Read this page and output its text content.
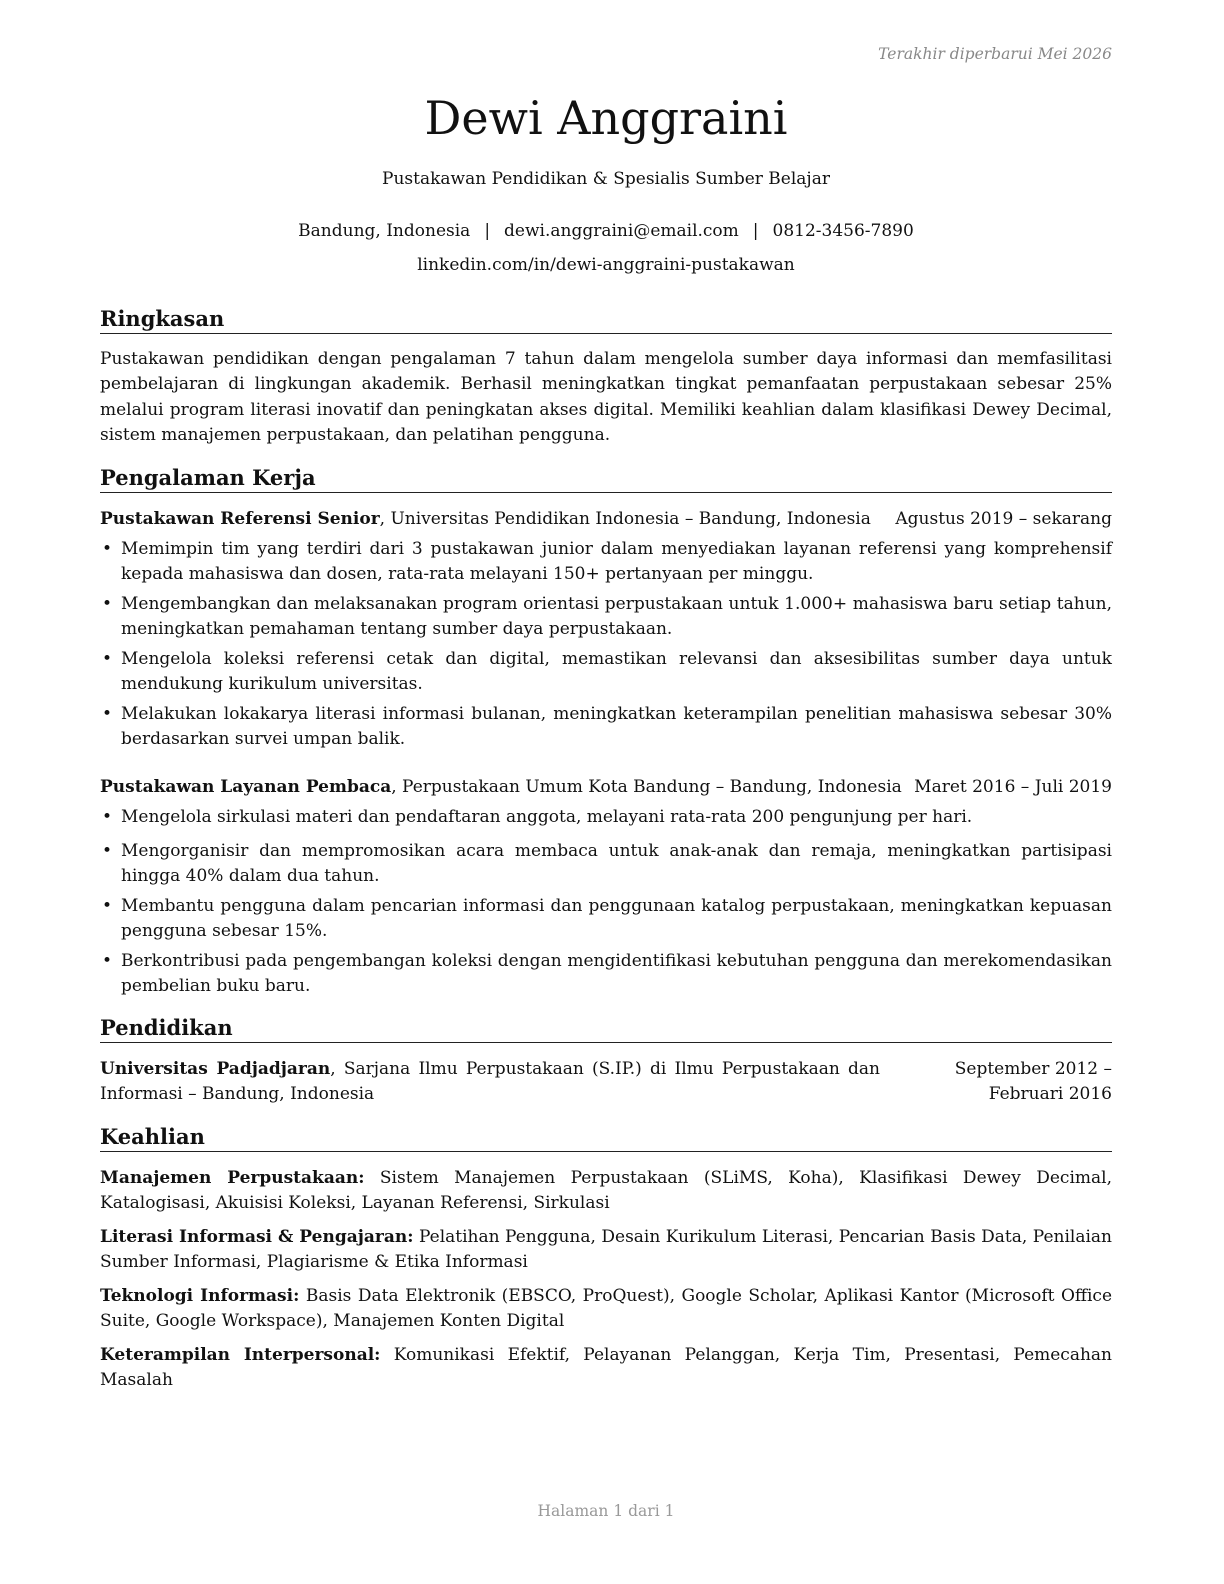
Terakhir diperbarui Mei 2026
Dewi Anggraini
Pustakawan Pendidikan & Spesialis Sumber Belajar
Bandung, Indonesia | dewi.anggraini@email.com | 0812-3456-7890
linkedin.com/in/dewi-anggraini-pustakawan
Ringkasan
Pustakawan pendidikan dengan pengalaman 7 tahun dalam mengelola sumber daya informasi dan memfasilitasi pembelajaran di lingkungan akademik. Berhasil meningkatkan tingkat pemanfaatan perpustakaan sebesar 25% melalui program literasi inovatif dan peningkatan akses digital. Memiliki keahlian dalam klasifikasi Dewey Decimal, sistem manajemen perpustakaan, dan pelatihan pengguna.
Pengalaman Kerja
Pustakawan Referensi Senior, Universitas Pendidikan Indonesia – Bandung, Indonesia Agustus 2019 – sekarang
• Memimpin tim yang terdiri dari 3 pustakawan junior dalam menyediakan layanan referensi yang komprehensif kepada mahasiswa dan dosen, rata-rata melayani 150+ pertanyaan per minggu.
• Mengembangkan dan melaksanakan program orientasi perpustakaan untuk 1.000+ mahasiswa baru setiap tahun, meningkatkan pemahaman tentang sumber daya perpustakaan.
• Mengelola koleksi referensi cetak dan digital, memastikan relevansi dan aksesibilitas sumber daya untuk mendukung kurikulum universitas.
• Melakukan lokakarya literasi informasi bulanan, meningkatkan keterampilan penelitian mahasiswa sebesar 30% berdasarkan survei umpan balik.
Pustakawan Layanan Pembaca, Perpustakaan Umum Kota Bandung – Bandung, Indonesia Maret 2016 – Juli 2019
• Mengelola sirkulasi materi dan pendaftaran anggota, melayani rata-rata 200 pengunjung per hari.
• Mengorganisir dan mempromosikan acara membaca untuk anak-anak dan remaja, meningkatkan partisipasi hingga 40% dalam dua tahun.
• Membantu pengguna dalam pencarian informasi dan penggunaan katalog perpustakaan, meningkatkan kepuasan pengguna sebesar 15%.
• Berkontribusi pada pengembangan koleksi dengan mengidentifikasi kebutuhan pengguna dan merekomendasikan pembelian buku baru.
Pendidikan
Universitas Padjadjaran, Sarjana Ilmu Perpustakaan (S.IP.) di Ilmu Perpustakaan dan Informasi – Bandung, Indonesia
September 2012 – Februari 2016
Keahlian
Manajemen Perpustakaan: Sistem Manajemen Perpustakaan (SLiMS, Koha), Klasifikasi Dewey Decimal, Katalogisasi, Akuisisi Koleksi, Layanan Referensi, Sirkulasi
Literasi Informasi & Pengajaran: Pelatihan Pengguna, Desain Kurikulum Literasi, Pencarian Basis Data, Penilaian Sumber Informasi, Plagiarisme & Etika Informasi
Teknologi Informasi: Basis Data Elektronik (EBSCO, ProQuest), Google Scholar, Aplikasi Kantor (Microsoft Office Suite, Google Workspace), Manajemen Konten Digital
Keterampilan Interpersonal: Komunikasi Efektif, Pelayanan Pelanggan, Kerja Tim, Presentasi, Pemecahan Masalah
Halaman 1 dari 1
